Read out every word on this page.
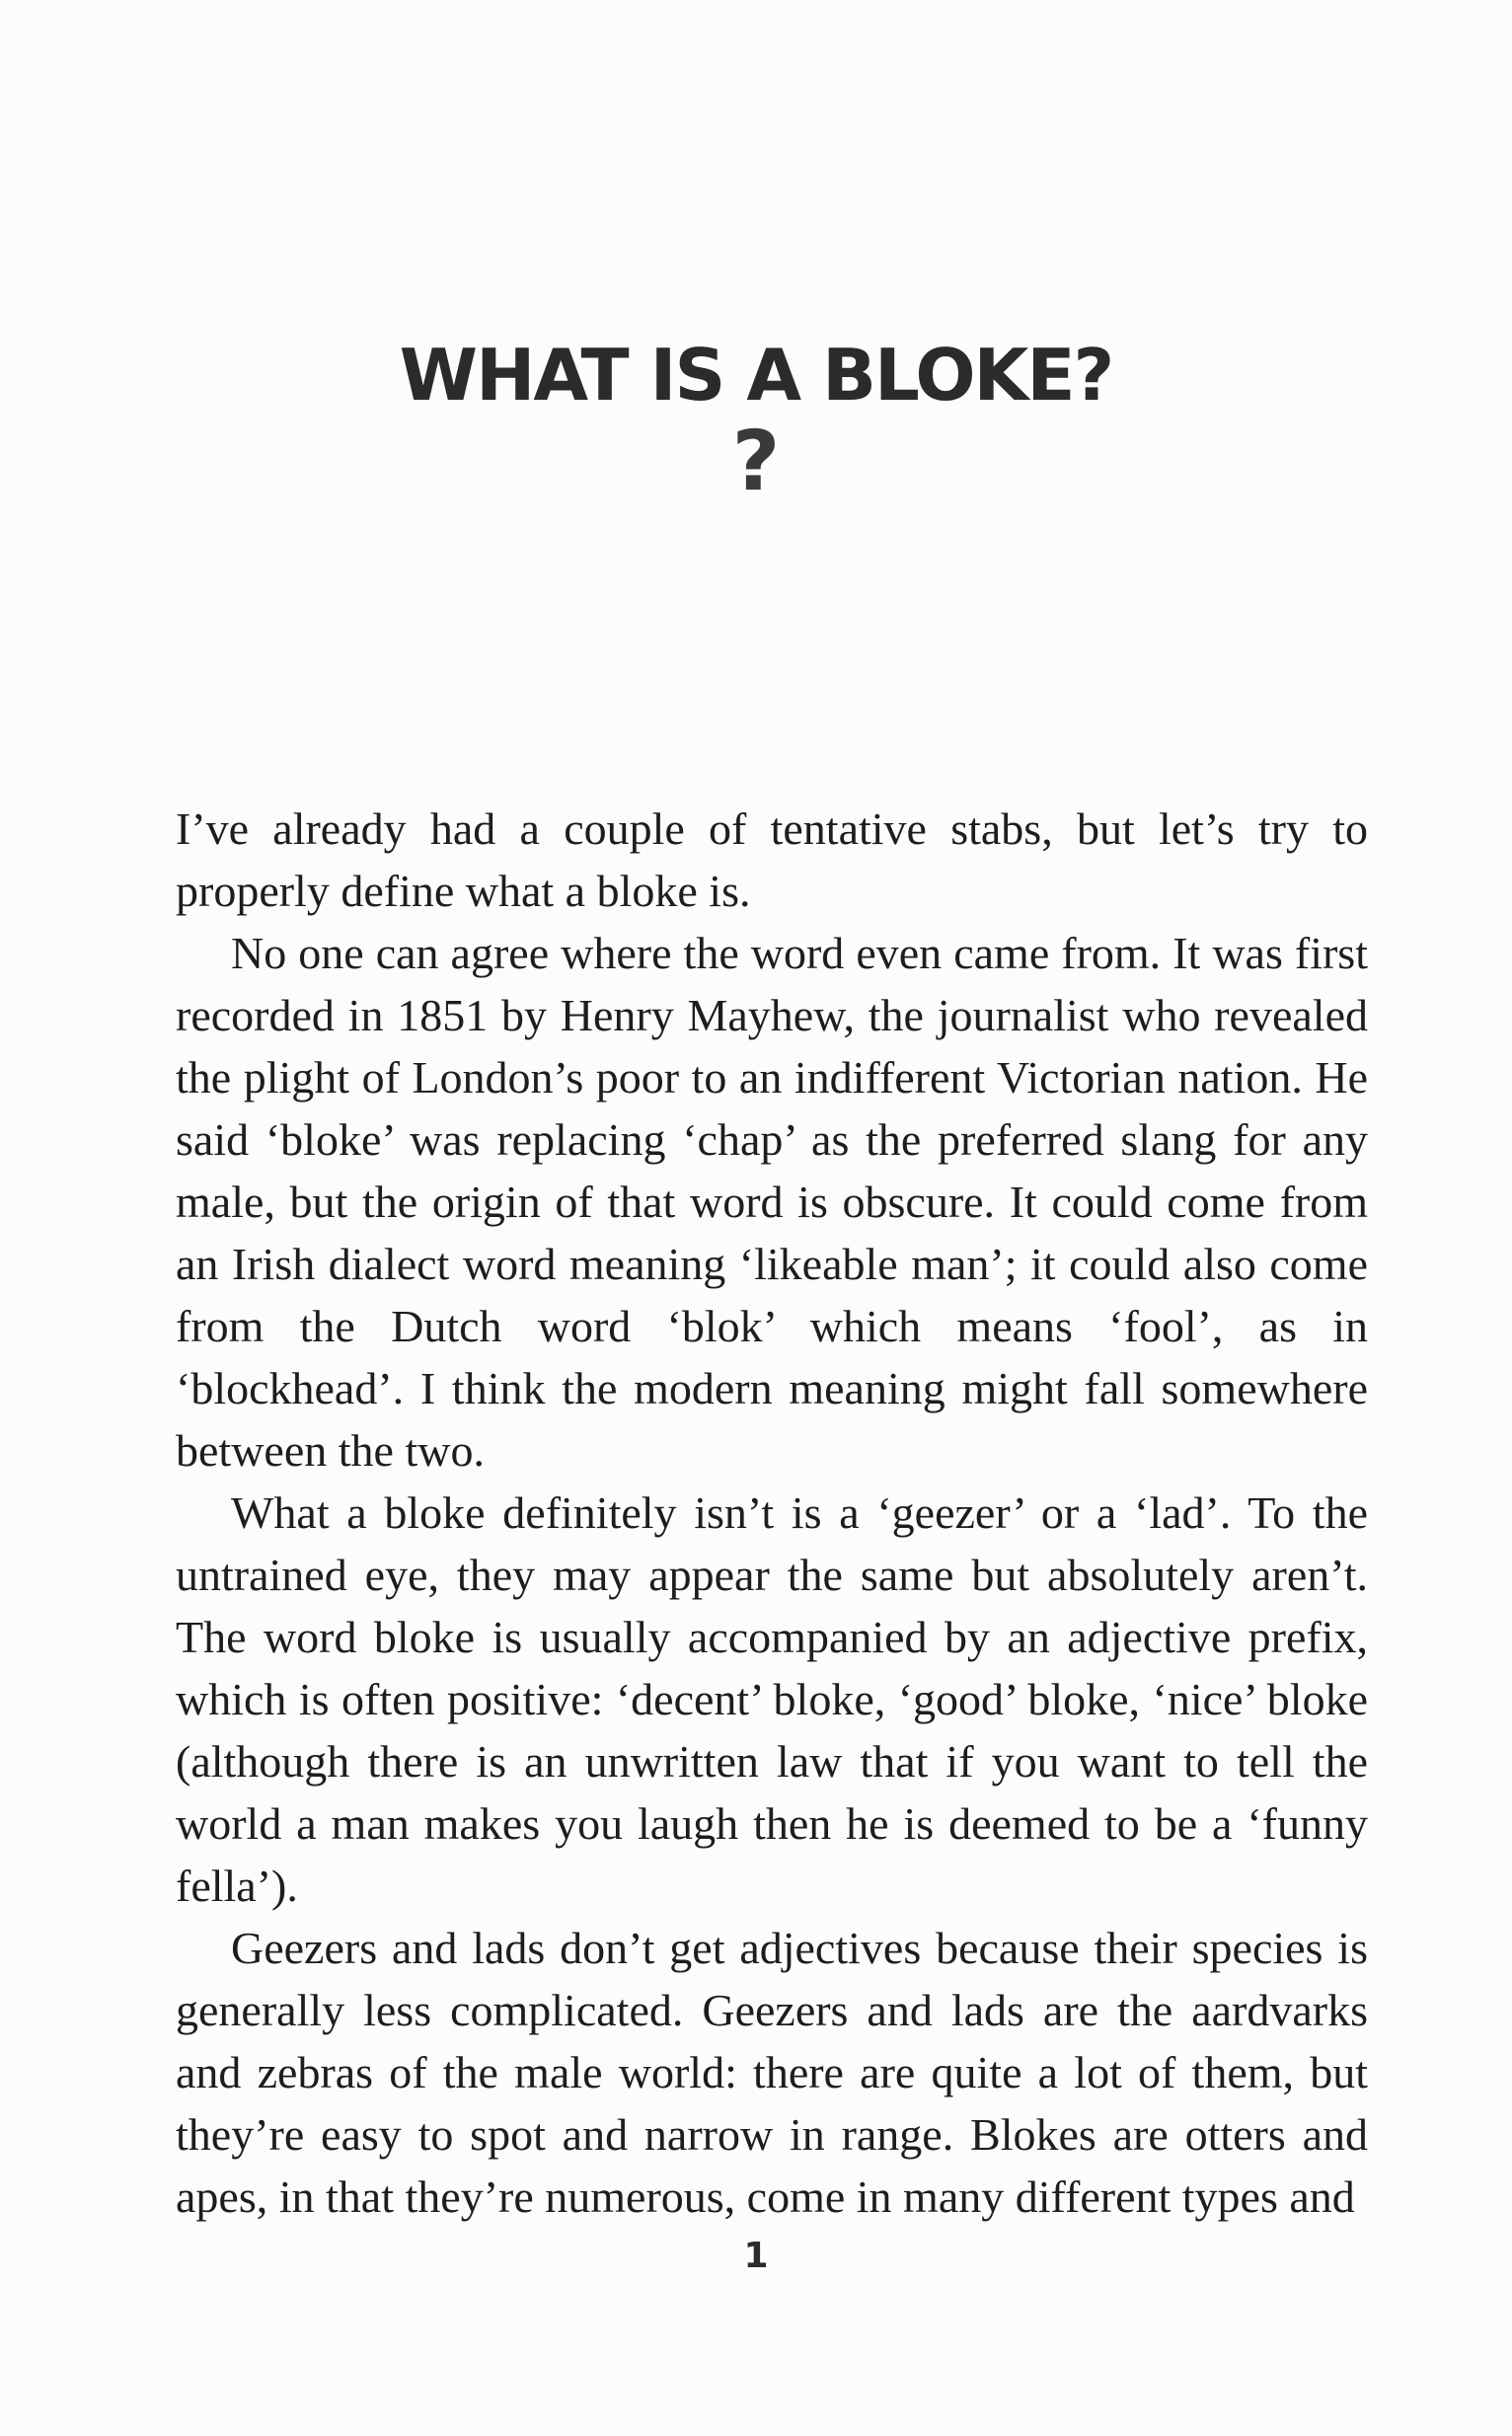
WHAT IS A BLOKE?
?

I’ve already had a couple of tentative stabs, but let’s try to properly define what a bloke is.

No one can agree where the word even came from. It was first recorded in 1851 by Henry Mayhew, the journalist who revealed the plight of London’s poor to an indifferent Victorian nation. He said ‘bloke’ was replacing ‘chap’ as the preferred slang for any male, but the origin of that word is obscure. It could come from an Irish dialect word meaning ‘likeable man’; it could also come from the Dutch word ‘blok’ which means ‘fool’, as in ‘blockhead’. I think the modern meaning might fall somewhere between the two.

What a bloke definitely isn’t is a ‘geezer’ or a ‘lad’. To the untrained eye, they may appear the same but absolutely aren’t. The word bloke is usually accompanied by an adjective prefix, which is often positive: ‘decent’ bloke, ‘good’ bloke, ‘nice’ bloke (although there is an unwritten law that if you want to tell the world a man makes you laugh then he is deemed to be a ‘funny fella’).

Geezers and lads don’t get adjectives because their species is generally less complicated. Geezers and lads are the aardvarks and zebras of the male world: there are quite a lot of them, but they’re easy to spot and narrow in range. Blokes are otters and apes, in that they’re numerous, come in many different types and

1
